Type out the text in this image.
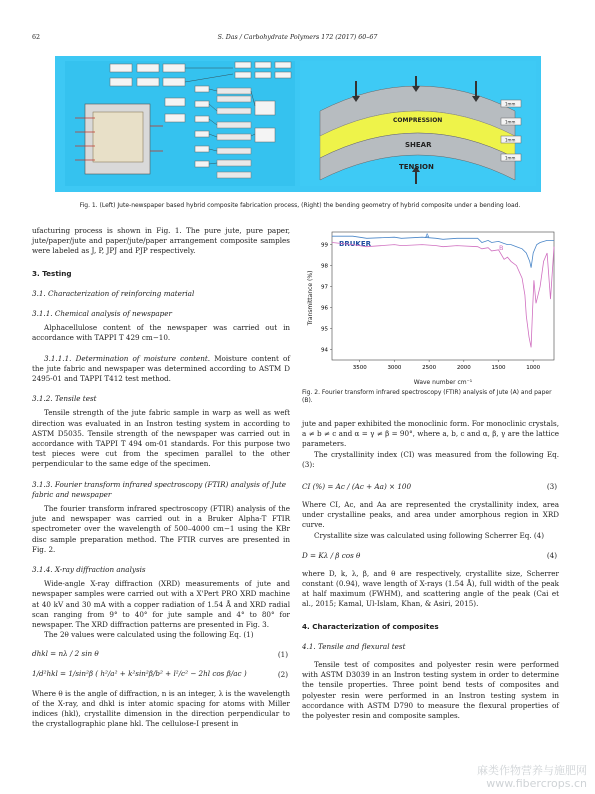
62	S. Das / Carbohydrate Polymers 172 (2017) 60–67
COMPRESSION
SHEAR
TENSION
1mm
1mm
1mm
1mm
Fig. 1. (Left) Jute-newspaper based hybrid composite fabrication process, (Right) the bending geometry of hybrid composite under a bending load.

ufacturing process is shown in Fig. 1. The pure jute, pure paper, jute/paper/jute and paper/jute/paper arrangement composite samples were labeled as J, P, JPJ and PJP respectively.

3. Testing
3.1. Characterization of reinforcing material
3.1.1. Chemical analysis of newspaper

Alphacellulose content of the newspaper was carried out in accordance with TAPPI T 429 cm−10.

3.1.1.1. Determination of moisture content. Moisture content of the jute fabric and newspaper was determined according to ASTM D 2495-01 and TAPPI T412 test method.

3.1.2. Tensile test

Tensile strength of the jute fabric sample in warp as well as weft direction was evaluated in an Instron testing system in according to ASTM D5035. Tensile strength of the newspaper was carried out in accordance with TAPPI T 494 om-01 standards. For this purpose two test pieces were cut from the specimen parallel to the other perpendicular to the same edge of the specimen.

3.1.3. Fourier transform infrared spectroscopy (FTIR) analysis of Jute fabric and newspaper

The fourier transform infrared spectroscopy (FTIR) analysis of the jute and newspaper was carried out in a Bruker Alpha-T FTIR spectrometer over the wavelength of 500–4000 cm−1 using the KBr disc sample preparation method. The FTIR curves are presented in Fig. 2.

3.1.4. X-ray diffraction analysis

Wide-angle X-ray diffraction (XRD) measurements of jute and newspaper samples were carried out with a X'Pert PRO XRD machine at 40 kV and 30 mA with a copper radiation of 1.54 Å and XRD radial scan ranging from 9° to 40° for jute sample and 4° to 80° for newspaper. The XRD diffraction patterns are presented in Fig. 3.

The 2θ values were calculated using the following Eq. (1)

dhkl = nλ / 2 sin θ	(1)
1/d²hkl = 1/sin²β ( h²/a² + k²sin²β/b² + l²/c² − 2hl cos β/ac )	(2)

Where θ is the angle of diffraction, n is an integer, λ is the wavelength of the X-ray, and dhkl is inter atomic spacing for atoms with Miller indices (hkl), crystallite dimension in the direction perpendicular to the crystallographic plane hkl. The cellulose-I present in

BRUKER
Transmittance (%)
Wave number cm⁻¹
A
B
3500	3000	2500	2000	1500	1000
94
95
96
97
98
99
Fig. 2. Fourier transform infrared spectroscopy (FTIR) analysis of Jute (A) and paper (B).

jute and paper exhibited the monoclinic form. For monoclinic crystals, a ≠ b ≠ c and α = γ ≠ β = 90°, where a, b, c and α, β, γ are the lattice parameters.

The crystallinity index (CI) was measured from the following Eq. (3):

CI (%) = Ac / (Ac + Aa) × 100	(3)

Where CI, Ac, and Aa are represented the crystallinity index, area under crystalline peaks, and area under amorphous region in XRD curve.

Crystallite size was calculated using following Scherrer Eq. (4)

D = Kλ / β cos θ	(4)

where D, k, λ, β, and θ are respectively, crystallite size, Scherrer constant (0.94), wave length of X-rays (1.54 Å), full width of the peak at half maximum (FWHM), and scattering angle of the peak (Cai et al., 2015; Kamal, Ul-Islam, Khan, & Asiri, 2015).

4. Characterization of composites
4.1. Tensile and flexural test

Tensile test of composites and polyester resin were performed with ASTM D3039 in an Instron testing system in order to determine the tensile properties. Three point bend tests of composites and polyester resin were performed in an Instron testing system in accordance with ASTM D790 to measure the flexural properties of the polyester resin and composite samples.

麻类作物营养与施肥网
www.fibercrops.cn
